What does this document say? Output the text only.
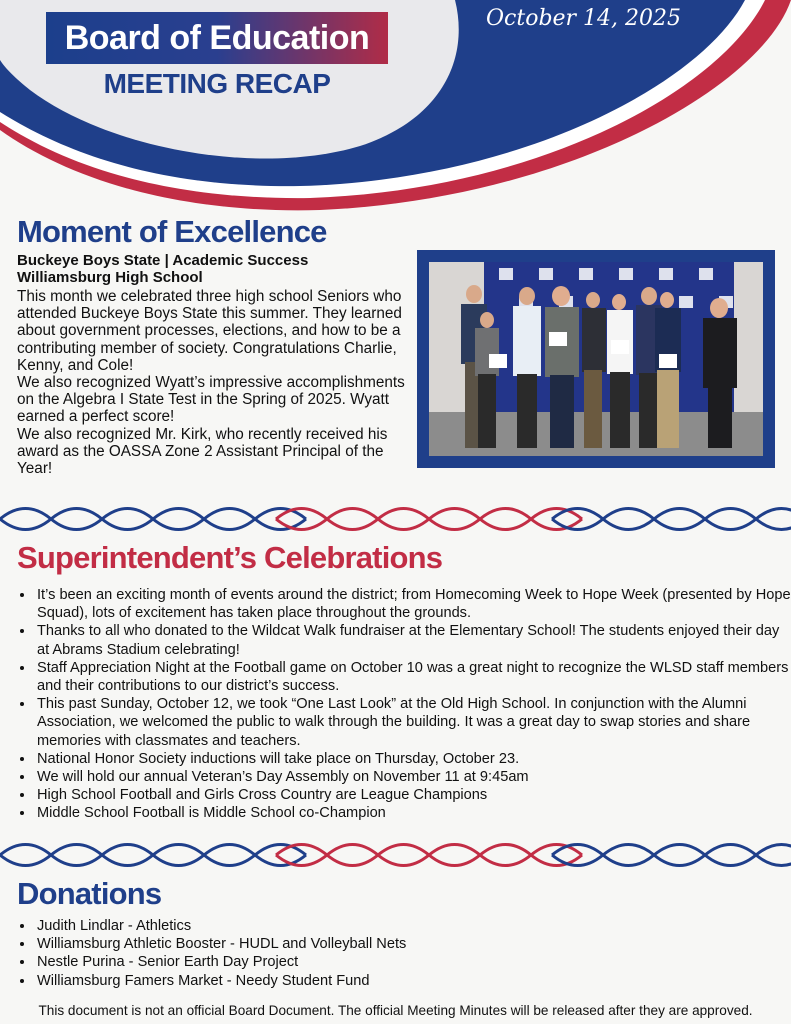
Board of Education
MEETING RECAP
October 14, 2025
Moment of Excellence
Buckeye Boys State | Academic Success
Williamsburg High School

This month we celebrated three high school Seniors who attended Buckeye Boys State this summer. They learned about government processes, elections, and how to be a contributing member of society. Congratulations Charlie, Kenny, and Cole!

We also recognized Wyatt’s impressive accomplishments on the Algebra I State Test in the Spring of 2025. Wyatt earned a perfect score!

We also recognized Mr. Kirk, who recently received his award as the OASSA Zone 2 Assistant Principal of the Year!

Superintendent’s Celebrations
• It’s been an exciting month of events around the district; from Homecoming Week to Hope Week (presented by Hope Squad), lots of excitement has taken place throughout the grounds.
• Thanks to all who donated to the Wildcat Walk fundraiser at the Elementary School! The students enjoyed their day at Abrams Stadium celebrating!
• Staff Appreciation Night at the Football game on October 10 was a great night to recognize the WLSD staff members and their contributions to our district’s success.
• This past Sunday, October 12, we took “One Last Look” at the Old High School. In conjunction with the Alumni Association, we welcomed the public to walk through the building. It was a great day to swap stories and share memories with classmates and teachers.
• National Honor Society inductions will take place on Thursday, October 23.
• We will hold our annual Veteran’s Day Assembly on November 11 at 9:45am
• High School Football and Girls Cross Country are League Champions
• Middle School Football is Middle School co-Champion
Donations
• Judith Lindlar - Athletics
• Williamsburg Athletic Booster - HUDL and Volleyball Nets
• Nestle Purina - Senior Earth Day Project
• Williamsburg Famers Market - Needy Student Fund
This document is not an official Board Document. The official Meeting Minutes will be released after they are approved.
